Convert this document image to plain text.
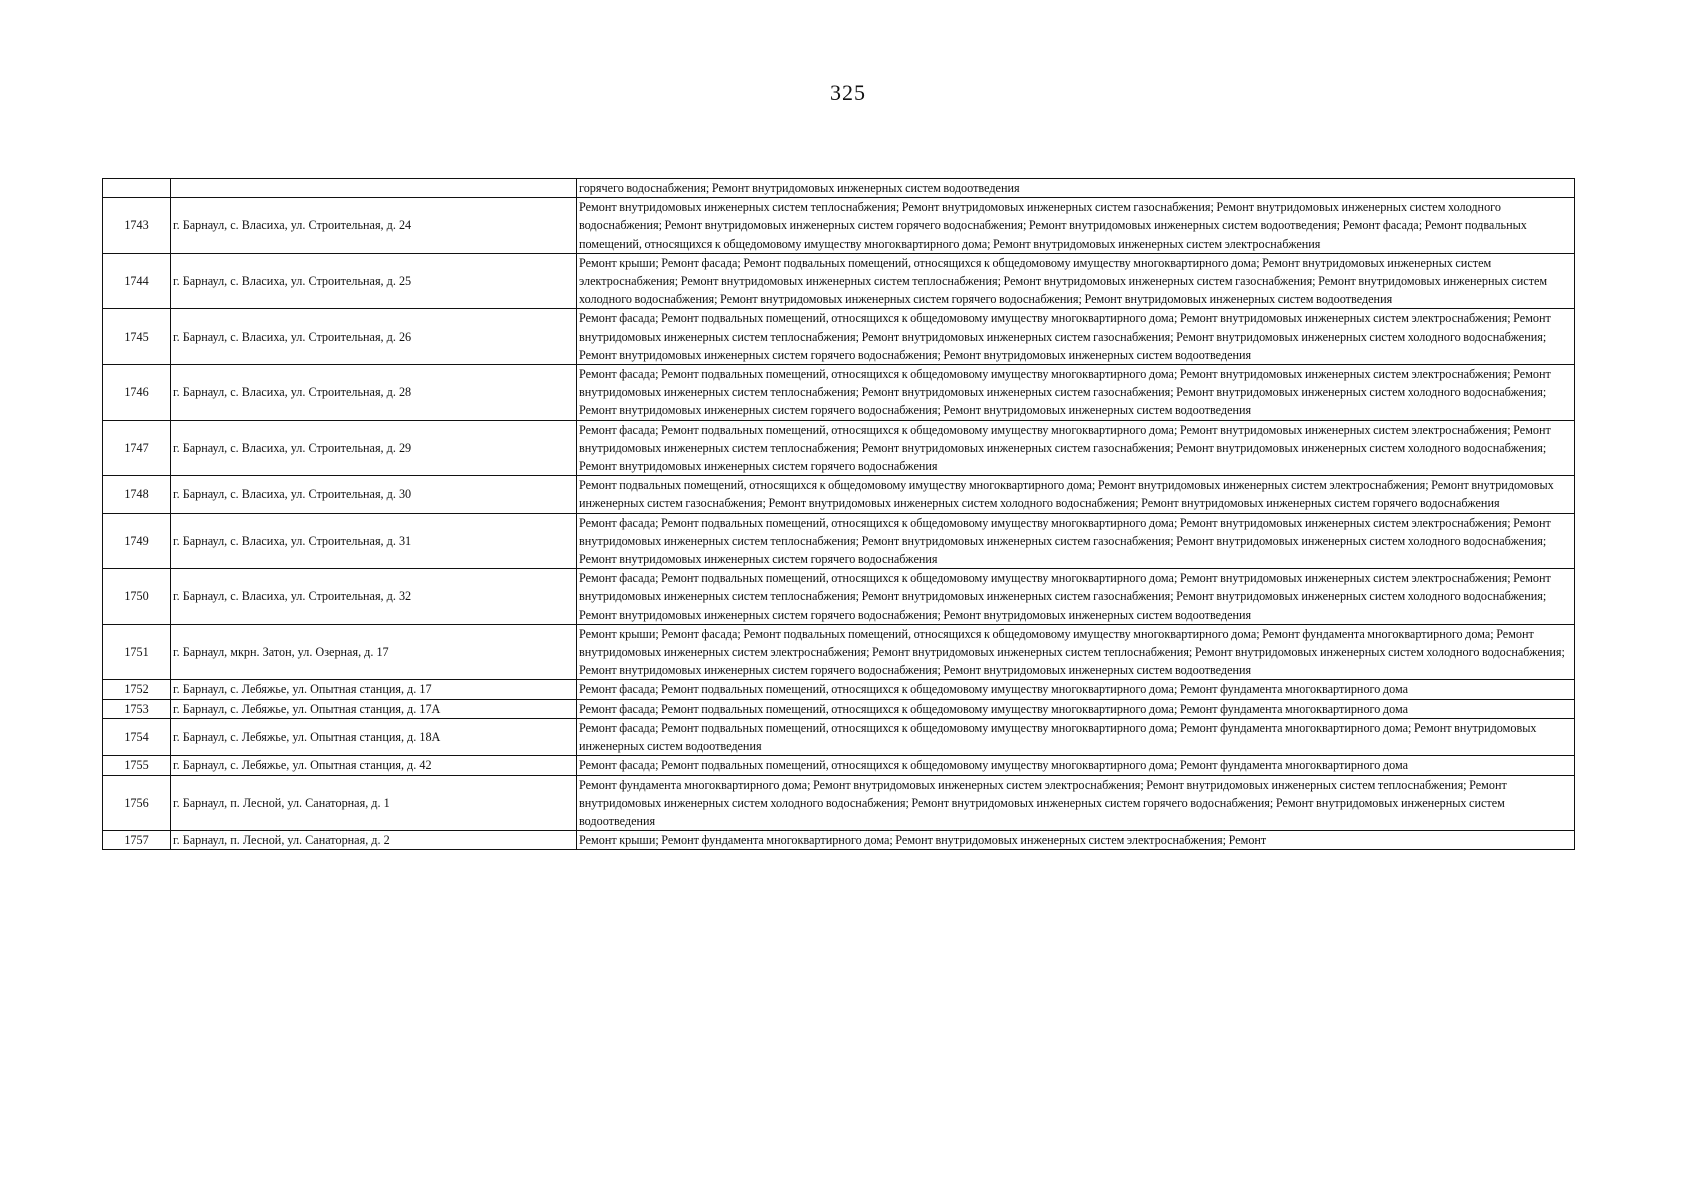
325
		горячего водоснабжения; Ремонт внутридомовых инженерных систем водоотведения
1743	г. Барнаул, с. Власиха, ул. Строительная, д. 24	Ремонт внутридомовых инженерных систем теплоснабжения; Ремонт внутридомовых инженерных систем газоснабжения; Ремонт внутридомовых инженерных систем холодного водоснабжения; Ремонт внутридомовых инженерных систем горячего водоснабжения; Ремонт внутридомовых инженерных систем водоотведения; Ремонт фасада; Ремонт подвальных помещений, относящихся к общедомовому имуществу многоквартирного дома; Ремонт внутридомовых инженерных систем электроснабжения
1744	г. Барнаул, с. Власиха, ул. Строительная, д. 25	Ремонт крыши; Ремонт фасада; Ремонт подвальных помещений, относящихся к общедомовому имуществу многоквартирного дома; Ремонт внутридомовых инженерных систем электроснабжения; Ремонт внутридомовых инженерных систем теплоснабжения; Ремонт внутридомовых инженерных систем газоснабжения; Ремонт внутридомовых инженерных систем холодного водоснабжения; Ремонт внутридомовых инженерных систем горячего водоснабжения; Ремонт внутридомовых инженерных систем водоотведения
1745	г. Барнаул, с. Власиха, ул. Строительная, д. 26	Ремонт фасада; Ремонт подвальных помещений, относящихся к общедомовому имуществу многоквартирного дома; Ремонт внутридомовых инженерных систем электроснабжения; Ремонт внутридомовых инженерных систем теплоснабжения; Ремонт внутридомовых инженерных систем газоснабжения; Ремонт внутридомовых инженерных систем холодного водоснабжения; Ремонт внутридомовых инженерных систем горячего водоснабжения; Ремонт внутридомовых инженерных систем водоотведения
1746	г. Барнаул, с. Власиха, ул. Строительная, д. 28	Ремонт фасада; Ремонт подвальных помещений, относящихся к общедомовому имуществу многоквартирного дома; Ремонт внутридомовых инженерных систем электроснабжения; Ремонт внутридомовых инженерных систем теплоснабжения; Ремонт внутридомовых инженерных систем газоснабжения; Ремонт внутридомовых инженерных систем холодного водоснабжения; Ремонт внутридомовых инженерных систем горячего водоснабжения; Ремонт внутридомовых инженерных систем водоотведения
1747	г. Барнаул, с. Власиха, ул. Строительная, д. 29	Ремонт фасада; Ремонт подвальных помещений, относящихся к общедомовому имуществу многоквартирного дома; Ремонт внутридомовых инженерных систем электроснабжения; Ремонт внутридомовых инженерных систем теплоснабжения; Ремонт внутридомовых инженерных систем газоснабжения; Ремонт внутридомовых инженерных систем холодного водоснабжения; Ремонт внутридомовых инженерных систем горячего водоснабжения
1748	г. Барнаул, с. Власиха, ул. Строительная, д. 30	Ремонт подвальных помещений, относящихся к общедомовому имуществу многоквартирного дома; Ремонт внутридомовых инженерных систем электроснабжения; Ремонт внутридомовых инженерных систем газоснабжения; Ремонт внутридомовых инженерных систем холодного водоснабжения; Ремонт внутридомовых инженерных систем горячего водоснабжения
1749	г. Барнаул, с. Власиха, ул. Строительная, д. 31	Ремонт фасада; Ремонт подвальных помещений, относящихся к общедомовому имуществу многоквартирного дома; Ремонт внутридомовых инженерных систем электроснабжения; Ремонт внутридомовых инженерных систем теплоснабжения; Ремонт внутридомовых инженерных систем газоснабжения; Ремонт внутридомовых инженерных систем холодного водоснабжения; Ремонт внутридомовых инженерных систем горячего водоснабжения
1750	г. Барнаул, с. Власиха, ул. Строительная, д. 32	Ремонт фасада; Ремонт подвальных помещений, относящихся к общедомовому имуществу многоквартирного дома; Ремонт внутридомовых инженерных систем электроснабжения; Ремонт внутридомовых инженерных систем теплоснабжения; Ремонт внутридомовых инженерных систем газоснабжения; Ремонт внутридомовых инженерных систем холодного водоснабжения; Ремонт внутридомовых инженерных систем горячего водоснабжения; Ремонт внутридомовых инженерных систем водоотведения
1751	г. Барнаул, мкрн. Затон, ул. Озерная, д. 17	Ремонт крыши; Ремонт фасада; Ремонт подвальных помещений, относящихся к общедомовому имуществу многоквартирного дома; Ремонт фундамента многоквартирного дома; Ремонт внутридомовых инженерных систем электроснабжения; Ремонт внутридомовых инженерных систем теплоснабжения; Ремонт внутридомовых инженерных систем холодного водоснабжения; Ремонт внутридомовых инженерных систем горячего водоснабжения; Ремонт внутридомовых инженерных систем водоотведения
1752	г. Барнаул, с. Лебяжье, ул. Опытная станция, д. 17	Ремонт фасада; Ремонт подвальных помещений, относящихся к общедомовому имуществу многоквартирного дома; Ремонт фундамента многоквартирного дома
1753	г. Барнаул, с. Лебяжье, ул. Опытная станция, д. 17А	Ремонт фасада; Ремонт подвальных помещений, относящихся к общедомовому имуществу многоквартирного дома; Ремонт фундамента многоквартирного дома
1754	г. Барнаул, с. Лебяжье, ул. Опытная станция, д. 18А	Ремонт фасада; Ремонт подвальных помещений, относящихся к общедомовому имуществу многоквартирного дома; Ремонт фундамента многоквартирного дома; Ремонт внутридомовых инженерных систем водоотведения
1755	г. Барнаул, с. Лебяжье, ул. Опытная станция, д. 42	Ремонт фасада; Ремонт подвальных помещений, относящихся к общедомовому имуществу многоквартирного дома; Ремонт фундамента многоквартирного дома
1756	г. Барнаул, п. Лесной, ул. Санаторная, д. 1	Ремонт фундамента многоквартирного дома; Ремонт внутридомовых инженерных систем электроснабжения; Ремонт внутридомовых инженерных систем теплоснабжения; Ремонт внутридомовых инженерных систем холодного водоснабжения; Ремонт внутридомовых инженерных систем горячего водоснабжения; Ремонт внутридомовых инженерных систем водоотведения
1757	г. Барнаул, п. Лесной, ул. Санаторная, д. 2	Ремонт крыши; Ремонт фундамента многоквартирного дома; Ремонт внутридомовых инженерных систем электроснабжения; Ремонт
